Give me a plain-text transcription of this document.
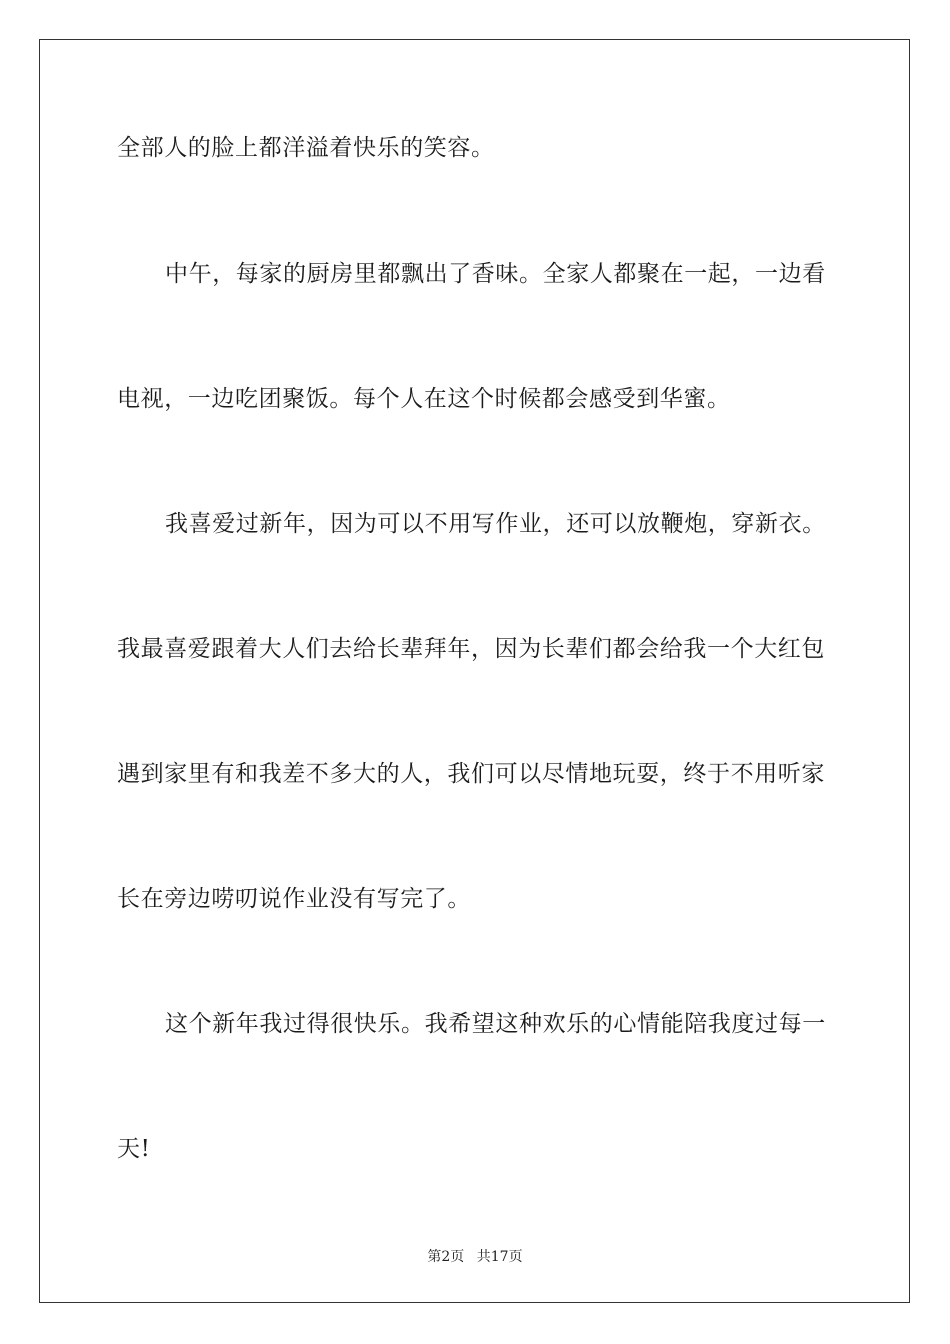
全部人的脸上都洋溢着快乐的笑容。
中午，每家的厨房里都飘出了香味。全家人都聚在一起，一边看
电视，一边吃团聚饭。每个人在这个时候都会感受到华蜜。
我喜爱过新年，因为可以不用写作业，还可以放鞭炮，穿新衣。
我最喜爱跟着大人们去给长辈拜年，因为长辈们都会给我一个大红包
遇到家里有和我差不多大的人，我们可以尽情地玩耍，终于不用听家
长在旁边唠叨说作业没有写完了。
这个新年我过得很快乐。我希望这种欢乐的心情能陪我度过每一
天!
第2页 共17页
